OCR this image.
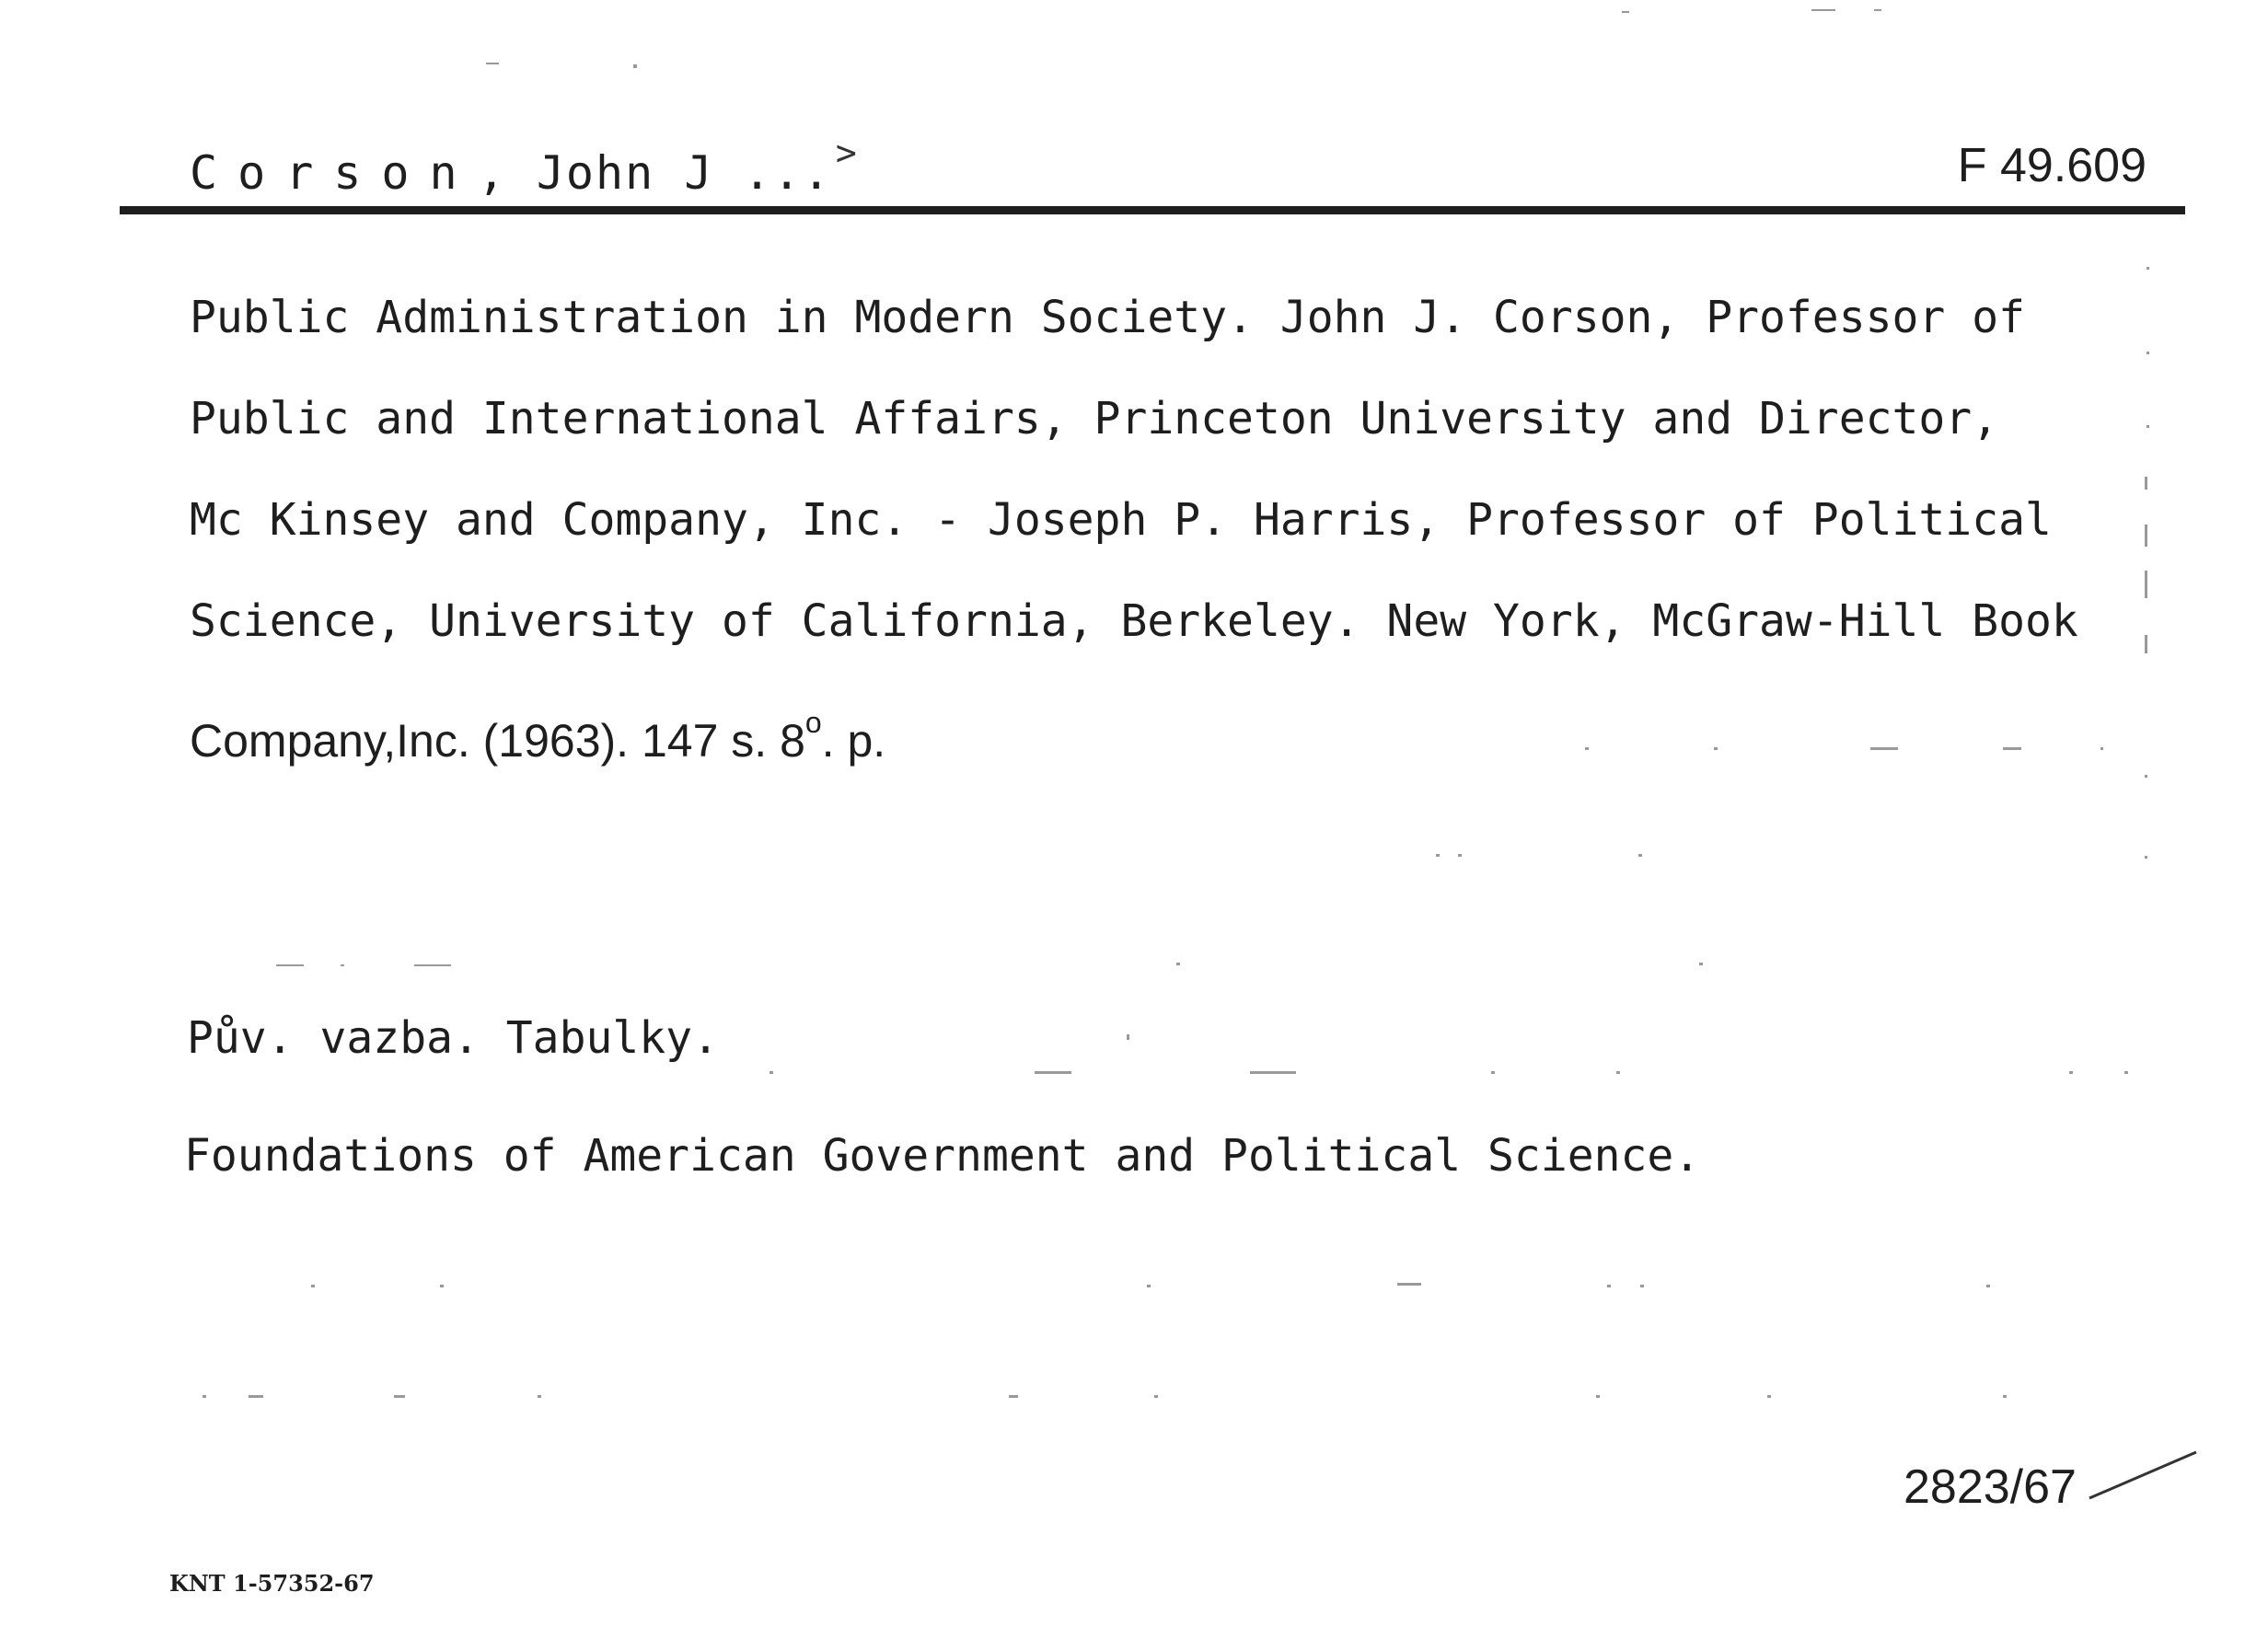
Corson, John J ... >	F 49.609
Public Administration in Modern Society. John J. Corson, Professor of
Public and International Affairs, Princeton University and Director,
Mc Kinsey and Company, Inc. - Joseph P. Harris, Professor of Political
Science, University of California, Berkeley. New York, McGraw-Hill Book
Company,Inc. (1963). 147 s. 8$^o$. p.
Pův. vazba. Tabulky.
Foundations of American Government and Political Science.
2823/67
KNT 1-57352-67
